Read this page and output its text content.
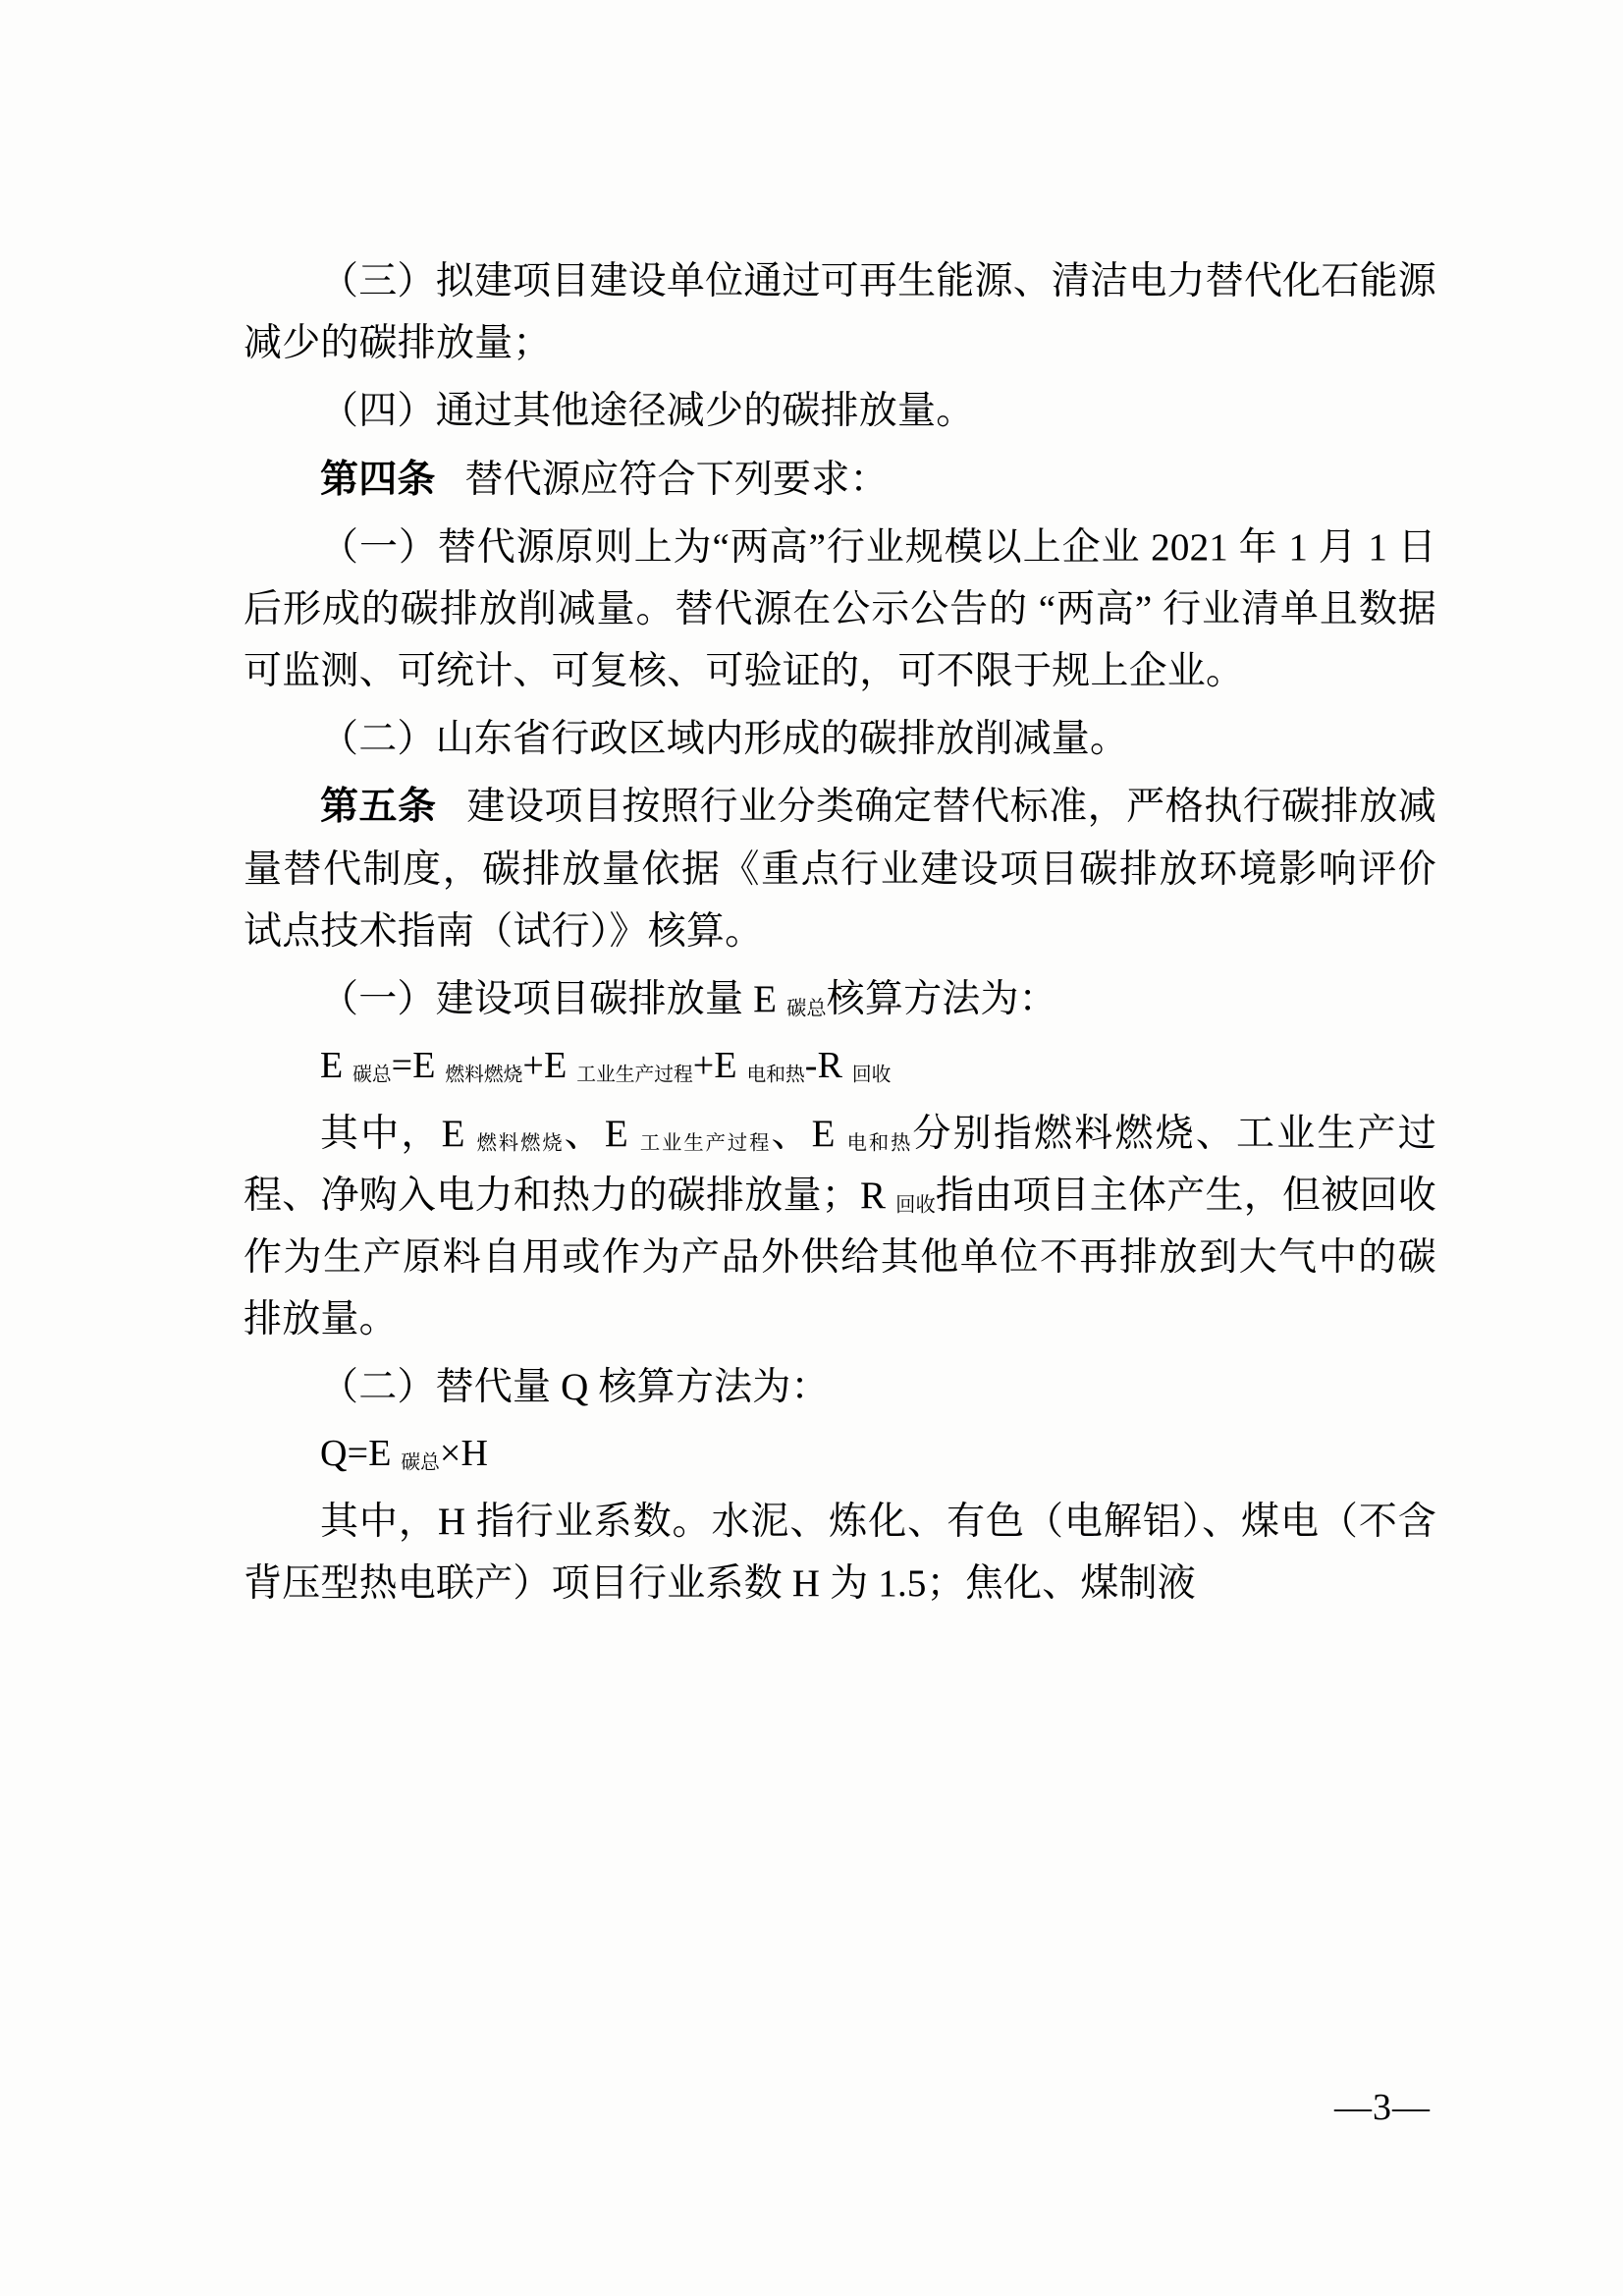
（三）拟建项目建设单位通过可再生能源、清洁电力替代化石能源减少的碳排放量；

（四）通过其他途径减少的碳排放量。

第四条   替代源应符合下列要求：

（一）替代源原则上为“两高”行业规模以上企业 2021 年 1 月 1 日后形成的碳排放削减量。替代源在公示公告的 “两高” 行业清单且数据可监测、可统计、可复核、可验证的，可不限于规上企业。

（二）山东省行政区域内形成的碳排放削减量。

第五条   建设项目按照行业分类确定替代标准，严格执行碳排放减量替代制度，碳排放量依据《重点行业建设项目碳排放环境影响评价试点技术指南（试行）》核算。

（一）建设项目碳排放量 E $_{碳总}$核算方法为：

E $_{碳总}$=E $_{燃料燃烧}$+E $_{工业生产过程}$+E $_{电和热}$-R $_{回收}$

其中，E $_{燃料燃烧}$、E $_{工业生产过程}$、E $_{电和热}$分别指燃料燃烧、工业生产过程、净购入电力和热力的碳排放量；R $_{回收}$指由项目主体产生，但被回收作为生产原料自用或作为产品外供给其他单位不再排放到大气中的碳排放量。

（二）替代量 Q 核算方法为：

Q=E $_{碳总}$×H

其中，H 指行业系数。水泥、炼化、有色（电解铝）、煤电（不含背压型热电联产）项目行业系数 H 为 1.5；焦化、煤制液

—3—
